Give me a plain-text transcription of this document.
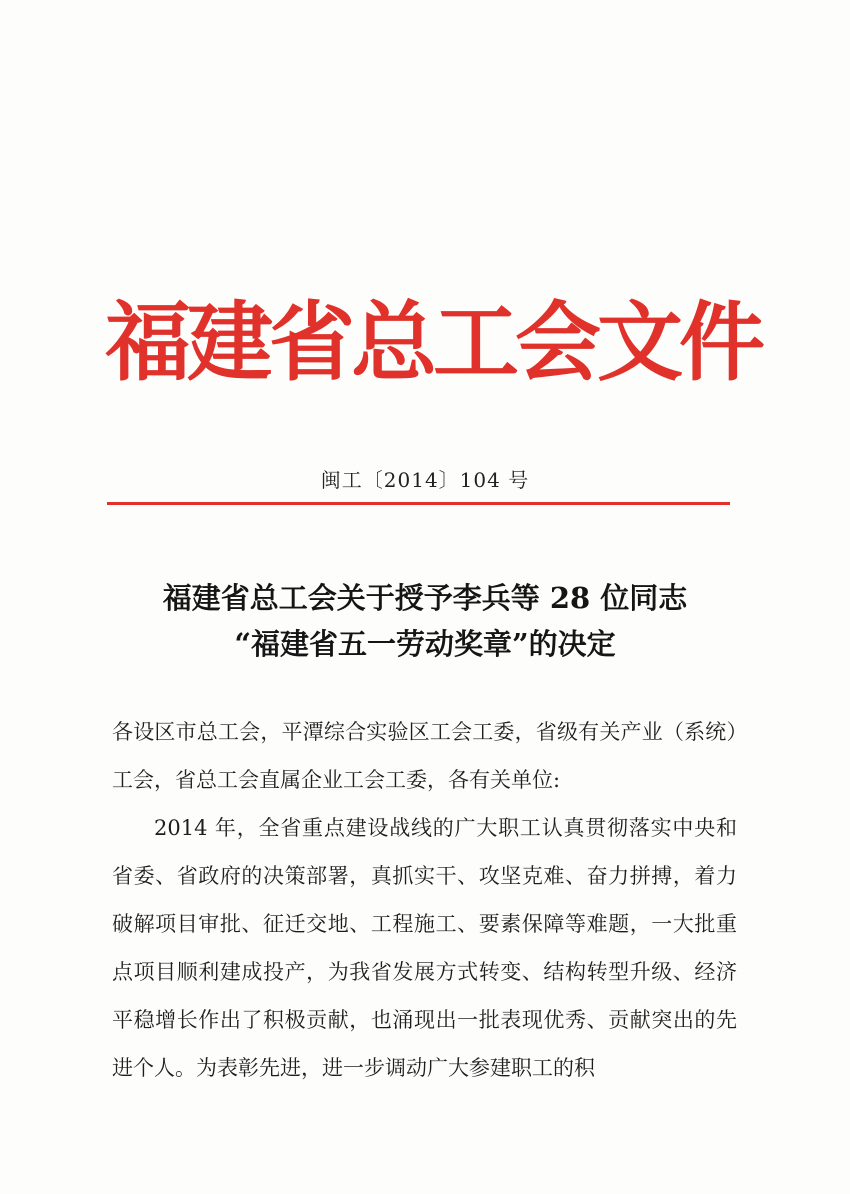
福建省总工会文件
闽工〔2014〕104 号
福建省总工会关于授予李兵等 28 位同志
“福建省五一劳动奖章”的决定

各设区市总工会，平潭综合实验区工会工委，省级有关产业（系统）工会，省总工会直属企业工会工委，各有关单位:

2014 年，全省重点建设战线的广大职工认真贯彻落实中央和省委、省政府的决策部署，真抓实干、攻坚克难、奋力拼搏，着力破解项目审批、征迁交地、工程施工、要素保障等难题，一大批重点项目顺利建成投产，为我省发展方式转变、结构转型升级、经济平稳增长作出了积极贡献，也涌现出一批表现优秀、贡献突出的先进个人。为表彰先进，进一步调动广大参建职工的积
